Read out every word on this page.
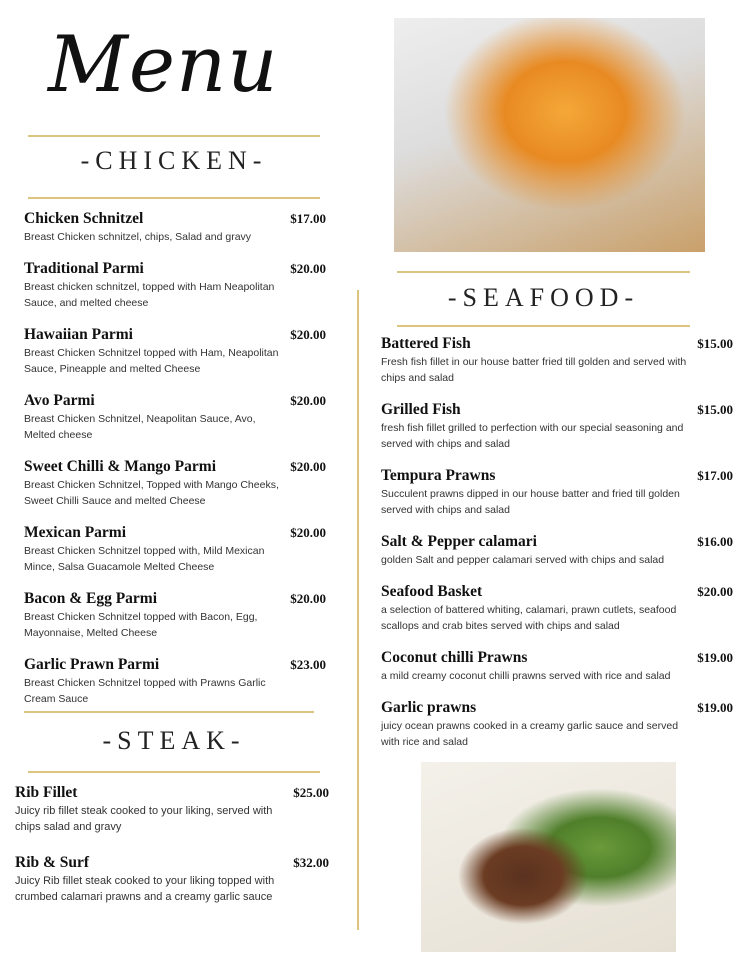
Menu
-CHICKEN-
Chicken Schnitzel	$17.00
Breast Chicken schnitzel, chips, Salad and gravy
Traditional Parmi	$20.00
Breast chicken schnitzel, topped with Ham Neapolitan Sauce, and melted cheese
Hawaiian Parmi	$20.00
Breast Chicken Schnitzel topped with Ham, Neapolitan Sauce, Pineapple and melted Cheese
Avo Parmi	$20.00
Breast Chicken Schnitzel, Neapolitan Sauce, Avo, Melted cheese
Sweet Chilli & Mango Parmi	$20.00
Breast Chicken Schnitzel, Topped with Mango Cheeks, Sweet Chilli Sauce and melted Cheese
Mexican Parmi	$20.00
Breast Chicken Schnitzel topped with, Mild Mexican Mince, Salsa Guacamole Melted Cheese
Bacon & Egg Parmi	$20.00
Breast Chicken Schnitzel topped with Bacon, Egg, Mayonnaise, Melted Cheese
Garlic Prawn Parmi	$23.00
Breast Chicken Schnitzel topped with Prawns Garlic Cream Sauce
-STEAK-
Rib Fillet	$25.00
Juicy rib fillet steak cooked to your liking, served with chips salad and gravy
Rib & Surf	$32.00
Juicy Rib fillet steak cooked to your liking topped with crumbed calamari prawns and a creamy garlic sauce
-SEAFOOD-
Battered Fish	$15.00
Fresh fish fillet in our house batter fried till golden and served with chips and salad
Grilled Fish	$15.00
fresh fish fillet grilled to perfection with our special seasoning and served with chips and salad
Tempura Prawns	$17.00
Succulent prawns dipped in our house batter and fried till golden served with chips and salad
Salt & Pepper calamari	$16.00
golden Salt and pepper calamari served with chips and salad
Seafood Basket	$20.00
a selection of battered whiting, calamari, prawn cutlets, seafood scallops and crab bites served with chips and salad
Coconut chilli Prawns	$19.00
a mild creamy coconut chilli prawns served with rice and salad
Garlic prawns	$19.00
juicy ocean prawns cooked in a creamy garlic sauce and served with rice and salad
